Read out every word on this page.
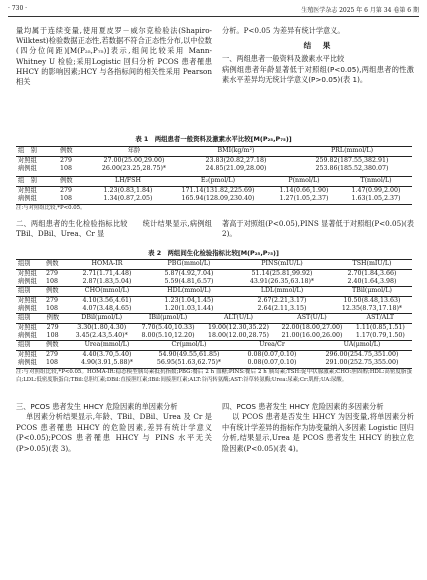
· 730 ·	生殖医学杂志 2025 年 6 月第 34 卷第 6 期

量均属于连续变量,使用夏皮罗－威尔克检验法(Shapiro-Wilktest)检验数据正态性,若数据不符合正态性分布,以中位数(四分位间距)[M(P₂₅,P₇₅)]表示,组间比较采用 Mann-Whitney U 检验;采用Logistic 回归分析 PCOS 患者罹患 HHCY 的影响因素;HCY 与各指标间的相关性采用 Pearson 相关

分析。P<0.05 为差异有统计学意义。

结　果

一、两组患者一般资料及激素水平比较

病例组患者年龄显著低于对照组(P<0.05),两组患者的性激素水平差异均无统计学意义(P>0.05)(表 1)。

表 1　两组患者一般资料及激素水平比较[M(P₂₅,P₇₅)]
组　别	例数	年龄	BMI(kg/m²)	PRL(mmol/L)
对照组	279	27.00(25.00,29.00)	23.83(20.82,27.18)	259.82(187.55,382.91)
病例组	108	26.00(23.25,28.75)*	24.85(21.09,28.00)	253.86(185.52,380.07)
组　别	例数	LH/FSH	E₂(pmol/L)	P(nmol/L)	T(nmol/L)
对照组	279	1.23(0.83,1.84)	171.14(131.82,225.69)	1.14(0.66,1.90)	1.47(0.99,2.00)
病例组	108	1.34(0.87,2.05)	165.94(128.09,230.40)	1.27(1.05,2.37)	1.63(1.05,2.37)
注:与对照组比较,*P<0.05。
二、两组患者的生化检验指标比较　　统计结果显示,病例组 TBil、DBil、Urea、Cr 显
著高于对照组(P<0.05),PINS 显著低于对照组(P<0.05)(表 2)。
表 2　两组间生化检验指标比较[M(P₂₅,P₇₅)]
组别	例数	HOMA-IR	PBG(mmol/L)	PINS(mIU/L)	TSH(mIU/L)
对照组	279	2.71(1.71,4.48)	5.87(4.92,7.04)	51.14(25.81,99.92)	2.70(1.84,3.66)
病例组	108	2.87(1.83,5.04)	5.59(4.81,6.57)	43.91(26.35,63.18)*	2.40(1.64,3.98)
组别	例数	CHO(mmol/L)	HDL(mmol/L)	LDL(mmol/L)	TBil(μmol/L)
对照组	279	4.10(3.56,4.61)	1.23(1.04,1.45)	2.67(2.21,3.17)	10.50(8.48,13.63)
病例组	108	4.07(3.48,4.65)	1.20(1.03,1.44)	2.64(2.11,3.15)	12.35(8.73,17.18)*
组别	例数	DBil(μmol/L)	IBil(μmol/L)	ALT(U/L)	AST(U/L)	AST/ALT
对照组	279	3.30(1.80,4.30)	7.70(5.40,10.33)	19.00(12.30,35.22)	22.00(18.00,27.00)	1.11(0.85,1.51)
病例组	108	3.45(2.43,5.40)*	8.00(5.10,12.20)	18.00(12.00,28.75)	21.00(16.00,26.00)	1.17(0.79,1.50)
组别	例数	Urea(mmol/L)	Cr(μmol/L)	Urea/Cr	UA(μmol/L)
对照组	279	4.40(3.70,5.40)	54.90(49.55,61.85)	0.08(0.07,0.10)	296.00(254.75,351.00)
病例组	108	4.90(3.91,5.88)*	56.95(51.63,62.75)*	0.08(0.07,0.10)	291.00(252.75,355.00)
注:与对照组比较,*P<0.05。HOMA-IR:稳态模型胰岛素抵抗指数;PBG:餐后 2 h 血糖;PINS:餐后 2 h 胰岛素;TSH:促甲状腺激素;CHO:胆固醇;HDL:高密度脂蛋白;LDL:低密度脂蛋白;TBil:总胆红素;DBil:直接胆红素;IBil:间接胆红素;ALT:谷丙转氨酶;AST:谷草转氨酶;Urea:尿素;Cr:肌酐;UA:尿酸。
三、PCOS 患者发生 HHCY 危险因素的单因素分析
单因素分析结果显示,年龄、TBil、DBil、Urea 及 Cr 是 PCOS 患者罹患 HHCY 的危险因素,差异有统计学意义(P<0.05);PCOS 患者罹患 HHCY 与 PINS 水平无关(P>0.05)(表 3)。
四、PCOS 患者发生 HHCY 危险因素的多因素分析
以 PCOS 患者是否发生 HHCY 为因变量,将单因素分析中有统计学差异的指标作为协变量纳入多因素 Logistic 回归分析,结果显示,Urea 是 PCOS 患者发生 HHCY 的独立危险因素(P<0.05)(表 4)。
